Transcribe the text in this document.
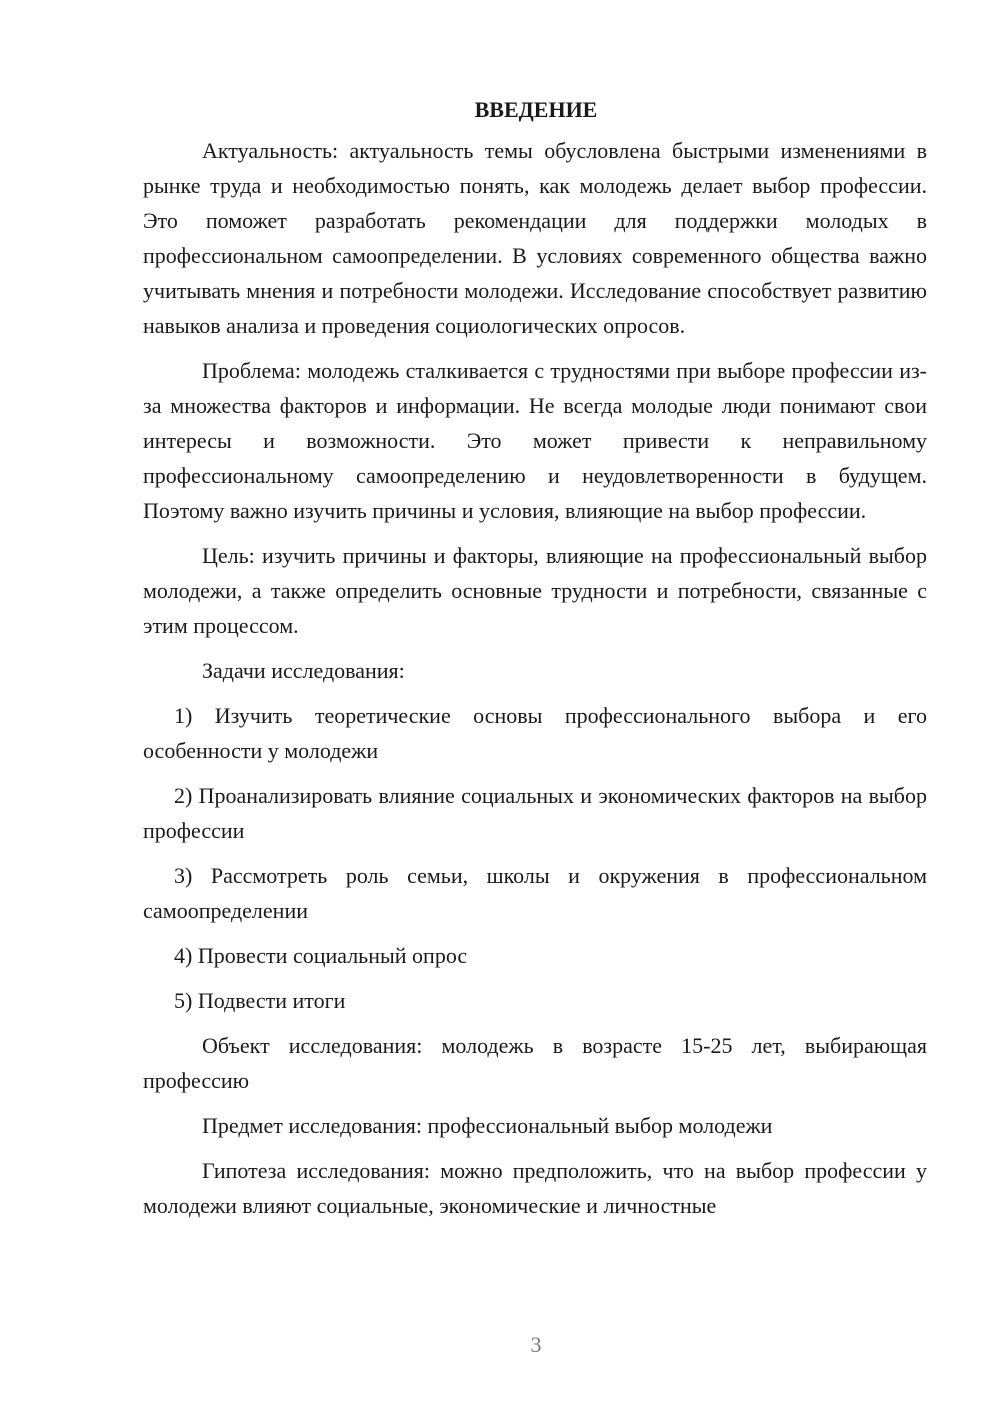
ВВЕДЕНИЕ
Актуальность: актуальность темы обусловлена быстрыми изменениями в рынке труда и необходимостью понять, как молодежь делает выбор профессии. Это поможет разработать рекомендации для поддержки молодых в профессиональном самоопределении. В условиях современного общества важно учитывать мнения и потребности молодежи. Исследование способствует развитию навыков анализа и проведения социологических опросов.
Проблема: молодежь сталкивается с трудностями при выборе профессии из-за множества факторов и информации. Не всегда молодые люди понимают свои интересы и возможности. Это может привести к неправильному профессиональному самоопределению и неудовлетворенности в будущем. Поэтому важно изучить причины и условия, влияющие на выбор профессии.
Цель: изучить причины и факторы, влияющие на профессиональный выбор молодежи, а также определить основные трудности и потребности, связанные с этим процессом.
Задачи исследования:
1) Изучить теоретические основы профессионального выбора и его особенности у молодежи
2) Проанализировать влияние социальных и экономических факторов на выбор профессии
3) Рассмотреть роль семьи, школы и окружения в профессиональном самоопределении
4) Провести социальный опрос
5) Подвести итоги
Объект исследования: молодежь в возрасте 15-25 лет, выбирающая профессию
Предмет исследования: профессиональный выбор молодежи
Гипотеза исследования: можно предположить, что на выбор профессии у молодежи влияют социальные, экономические и личностные
3
